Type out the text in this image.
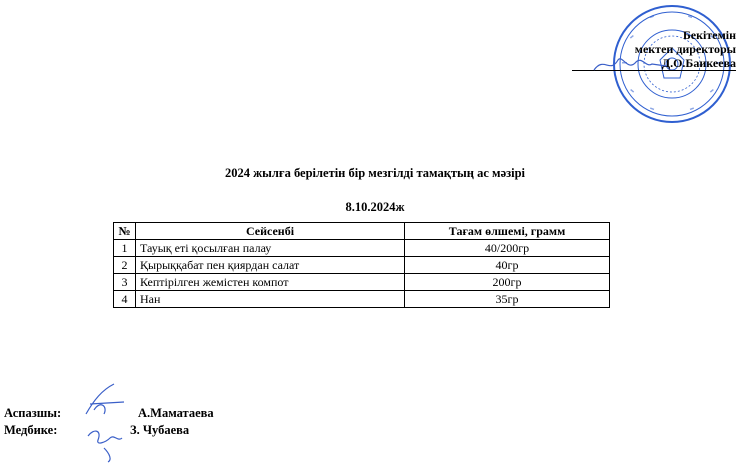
Бекітемін
мектеп директоры
Д.О.Баикеева
2024 жылға берілетін бір мезгілді тамақтың ас мәзірі
8.10.2024ж
№	Сейсенбі	Тағам өлшемі, грамм
1	Тауық еті қосылған палау	40/200гр
2	Қырыққабат пен қиярдан салат	40гр
3	Кептірілген жемістен компот	200гр
4	Нан	35гр
Аспазшы:	А.Маматаева
Медбике:	З. Чубаева
